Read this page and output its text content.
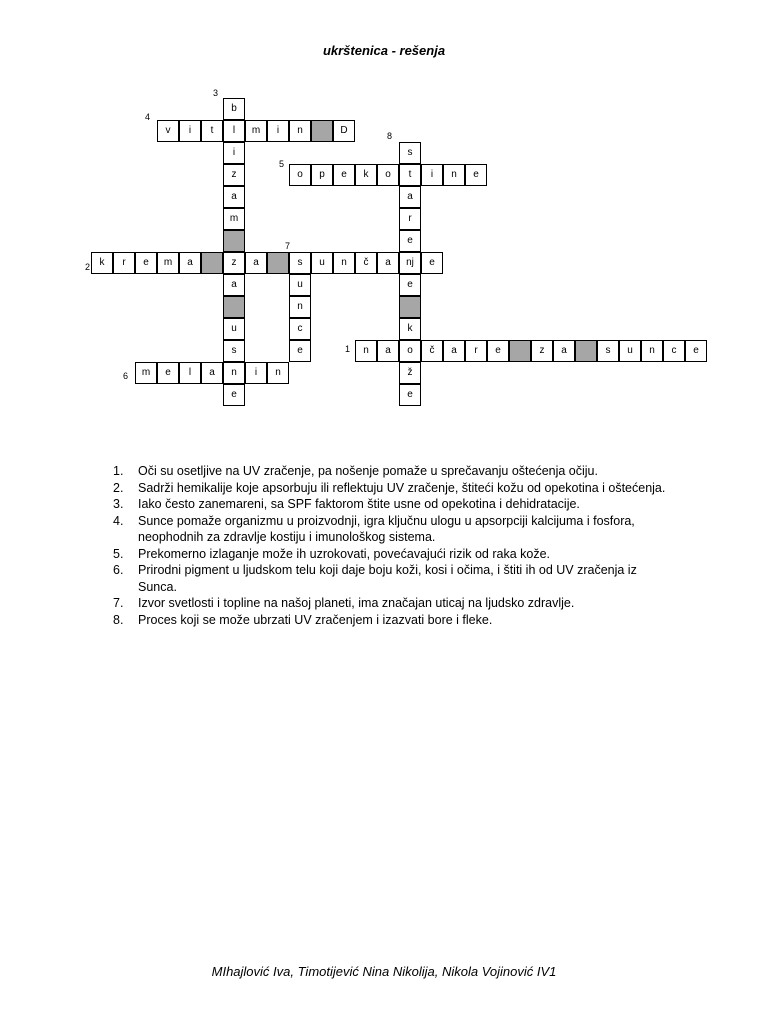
ukrštenica - rešenja
n	a	o	č	a	r	e	z	a	s	u	n	c	e
1
k	r	e	m	a	z	a	s	u	n	č	a	nj	e
2
b
l
i
z
a
m
a
u
s
n
e
3
v	i	t	m	i	n	D
4
o	p	e	k	o	t	i	n	e
5
m	e	l	a	i	n
6
u
n
c
e
7
s
a
r
e
e
k
ž
e
8
1. Oči su osetljive na UV zračenje, pa nošenje pomaže u sprečavanju oštećenja očiju.
2. Sadrži hemikalije koje apsorbuju ili reflektuju UV zračenje, štiteći kožu od opekotina i oštećenja.
3. Iako često zanemareni, sa SPF faktorom štite usne od opekotina i dehidratacije.
4. Sunce pomaže organizmu u proizvodnji, igra ključnu ulogu u apsorpciji kalcijuma i fosfora, neophodnih za zdravlje kostiju i imunološkog sistema.
5. Prekomerno izlaganje može ih uzrokovati, povećavajući rizik od raka kože.
6. Prirodni pigment u ljudskom telu koji daje boju koži, kosi i očima, i štiti ih od UV zračenja iz Sunca.
7. Izvor svetlosti i topline na našoj planeti, ima značajan uticaj na ljudsko zdravlje.
8. Proces koji se može ubrzati UV zračenjem i izazvati bore i fleke.
MIhajlović Iva, Timotijević Nina Nikolija, Nikola Vojinović IV1
